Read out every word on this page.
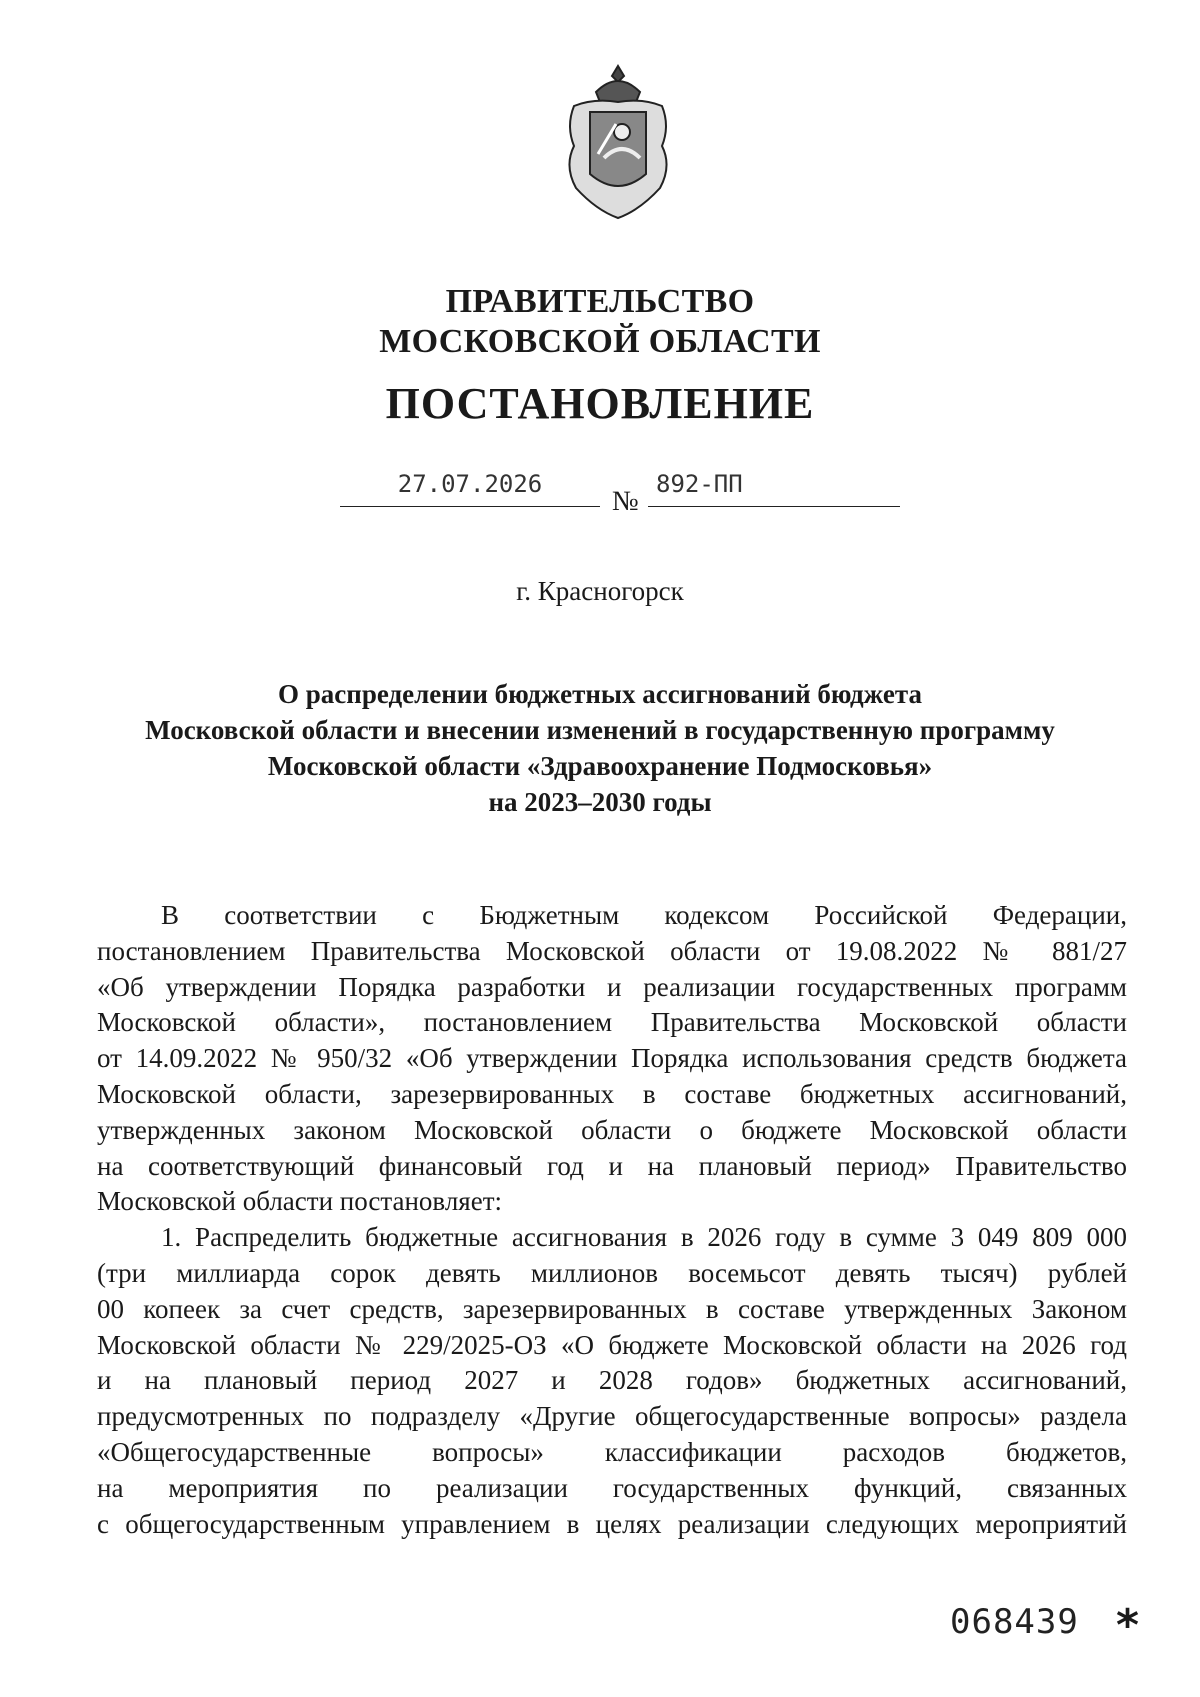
ПРАВИТЕЛЬСТВО
МОСКОВСКОЙ ОБЛАСТИ
ПОСТАНОВЛЕНИЕ
27.07.2026
№
892-ПП
г. Красногорск
О распределении бюджетных ассигнований бюджета
Московской области и внесении изменений в государственную программу
Московской области «Здравоохранение Подмосковья»
на 2023–2030 годы
В соответствии с Бюджетным кодексом Российской Федерации,
постановлением Правительства Московской области от 19.08.2022 № 881/27
«Об утверждении Порядка разработки и реализации государственных программ
Московской области», постановлением Правительства Московской области
от 14.09.2022 № 950/32 «Об утверждении Порядка использования средств бюджета
Московской области, зарезервированных в составе бюджетных ассигнований,
утвержденных законом Московской области о бюджете Московской области
на соответствующий финансовый год и на плановый период» Правительство
Московской области постановляет:
1. Распределить бюджетные ассигнования в 2026 году в сумме 3 049 809 000
(три миллиарда сорок девять миллионов восемьсот девять тысяч) рублей
00 копеек за счет средств, зарезервированных в составе утвержденных Законом
Московской области № 229/2025-ОЗ «О бюджете Московской области на 2026 год
и на плановый период 2027 и 2028 годов» бюджетных ассигнований,
предусмотренных по подразделу «Другие общегосударственные вопросы» раздела
«Общегосударственные вопросы» классификации расходов бюджетов,
на мероприятия по реализации государственных функций, связанных
с общегосударственным управлением в целях реализации следующих мероприятий
068439 *
